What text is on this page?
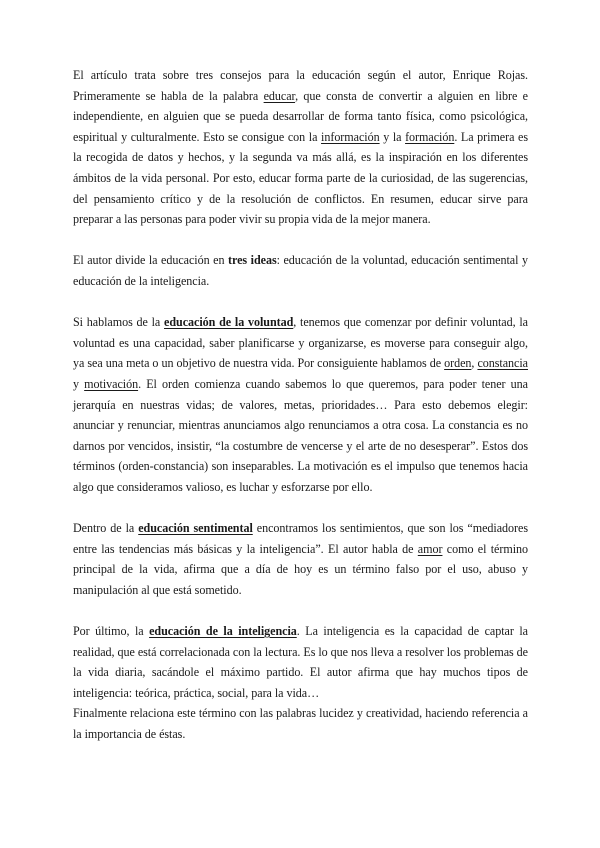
El artículo trata sobre tres consejos para la educación según el autor, Enrique Rojas. Primeramente se habla de la palabra educar, que consta de convertir a alguien en libre e independiente, en alguien que se pueda desarrollar de forma tanto física, como psicológica, espiritual y culturalmente. Esto se consigue con la información y la formación. La primera es la recogida de datos y hechos, y la segunda va más allá, es la inspiración en los diferentes ámbitos de la vida personal. Por esto, educar forma parte de la curiosidad, de las sugerencias, del pensamiento crítico y de la resolución de conflictos. En resumen, educar sirve para preparar a las personas para poder vivir su propia vida de la mejor manera.

El autor divide la educación en tres ideas: educación de la voluntad, educación sentimental y educación de la inteligencia.

Si hablamos de la educación de la voluntad, tenemos que comenzar por definir voluntad, la voluntad es una capacidad, saber planificarse y organizarse, es moverse para conseguir algo, ya sea una meta o un objetivo de nuestra vida. Por consiguiente hablamos de orden, constancia y motivación. El orden comienza cuando sabemos lo que queremos, para poder tener una jerarquía en nuestras vidas; de valores, metas, prioridades… Para esto debemos elegir: anunciar y renunciar, mientras anunciamos algo renunciamos a otra cosa. La constancia es no darnos por vencidos, insistir, “la costumbre de vencerse y el arte de no desesperar”. Estos dos términos (orden-constancia) son inseparables. La motivación es el impulso que tenemos hacia algo que consideramos valioso, es luchar y esforzarse por ello.

Dentro de la educación sentimental encontramos los sentimientos, que son los “mediadores entre las tendencias más básicas y la inteligencia”. El autor habla de amor como el término principal de la vida, afirma que a día de hoy es un término falso por el uso, abuso y manipulación al que está sometido.

Por último, la educación de la inteligencia. La inteligencia es la capacidad de captar la realidad, que está correlacionada con la lectura. Es lo que nos lleva a resolver los problemas de la vida diaria, sacándole el máximo partido. El autor afirma que hay muchos tipos de inteligencia: teórica, práctica, social, para la vida…

Finalmente relaciona este término con las palabras lucidez y creatividad, haciendo referencia a la importancia de éstas.
